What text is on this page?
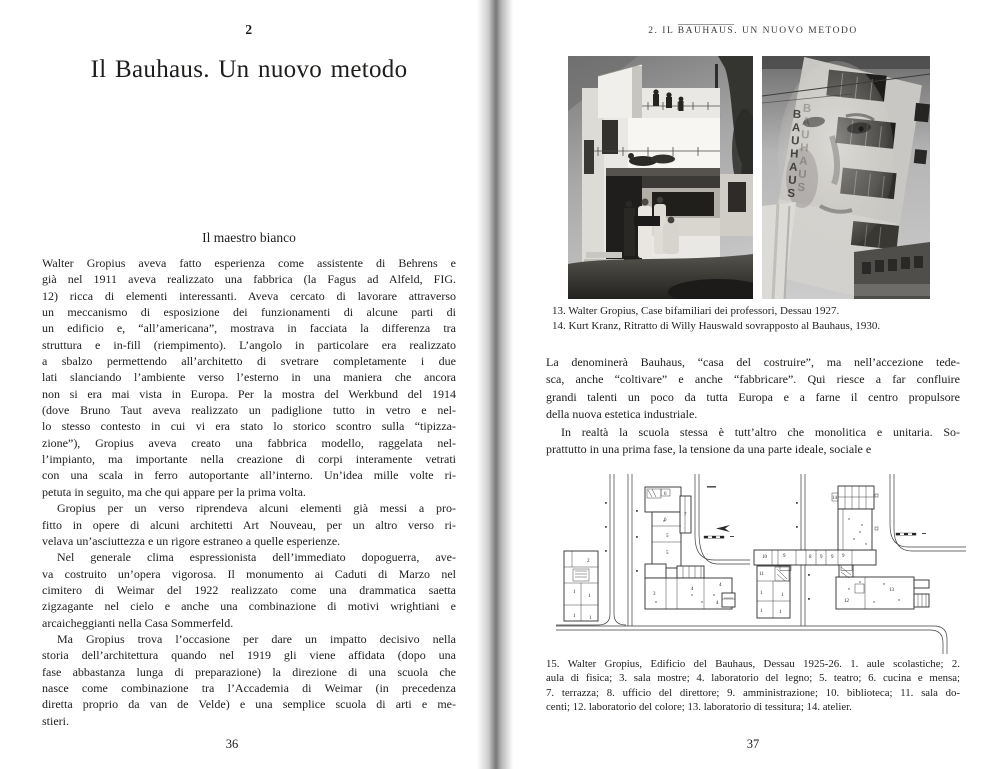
2
Il Bauhaus. Un nuovo metodo
Il maestro bianco
Walter Gropius aveva fatto esperienza come assistente di Behrens e
già nel 1911 aveva realizzato una fabbrica (la Fagus ad Alfeld, FIG.
12) ricca di elementi interessanti. Aveva cercato di lavorare attraverso
un meccanismo di esposizione dei funzionamenti di alcune parti di
un edificio e, “all’americana”, mostrava in facciata la differenza tra
struttura e in-fill (riempimento). L’angolo in particolare era realizzato
a sbalzo permettendo all’architetto di svetrare completamente i due
lati slanciando l’ambiente verso l’esterno in una maniera che ancora
non si era mai vista in Europa. Per la mostra del Werkbund del 1914
(dove Bruno Taut aveva realizzato un padiglione tutto in vetro e nel-
lo stesso contesto in cui vi era stato lo storico scontro sulla “tipizza-
zione”), Gropius aveva creato una fabbrica modello, raggelata nel-
l’impianto, ma importante nella creazione di corpi interamente vetrati
con una scala in ferro autoportante all’interno. Un’idea mille volte ri-
petuta in seguito, ma che qui appare per la prima volta.
Gropius per un verso riprendeva alcuni elementi già messi a pro-
fitto in opere di alcuni architetti Art Nouveau, per un altro verso ri-
velava un’asciuttezza e un rigore estraneo a quelle esperienze.
Nel generale clima espressionista dell’immediato dopoguerra, ave-
va costruito un’opera vigorosa. Il monumento ai Caduti di Marzo nel
cimitero di Weimar del 1922 realizzato come una drammatica saetta
zigzagante nel cielo e anche una combinazione di motivi wrightiani e
arcaicheggianti nella Casa Sommerfeld.
Ma Gropius trova l’occasione per dare un impatto decisivo nella
storia dell’architettura quando nel 1919 gli viene affidata (dopo una
fase abbastanza lunga di preparazione) la direzione di una scuola che
nasce come combinazione tra l’Accademia di Weimar (in precedenza
diretta proprio da van de Velde) e una semplice scuola di arti e me-
stieri.
36
2. IL BAUHAUS. UN NUOVO METODO
B
A
U
H
A
U
S
13. Walter Gropius, Case bifamiliari dei professori, Dessau 1927.
14. Kurt Kranz, Ritratto di Willy Hauswald sovrapposto al Bauhaus, 1930.
La denominerà Bauhaus, “casa del costruire”, ma nell’accezione tede-
sca, anche “coltivare” e anche “fabbricare”. Qui riesce a far confluire
grandi talenti un poco da tutta Europa e a farne il centro propulsore
della nuova estetica industriale.
In realtà la scuola stessa è tutt’altro che monolitica e unitaria. So-
prattutto in una prima fase, la tensione da una parte ideale, sociale e
2
1
1
1	1
6
6
5
5
7
3
4
4
4
14
10	9	8 9 9 9
11
1	1
1	1
12
13
15. Walter Gropius, Edificio del Bauhaus, Dessau 1925-26. 1. aule scolastiche; 2.
aula di fisica; 3. sala mostre; 4. laboratorio del legno; 5. teatro; 6. cucina e mensa;
7. terrazza; 8. ufficio del direttore; 9. amministrazione; 10. biblioteca; 11. sala do-
centi; 12. laboratorio del colore; 13. laboratorio di tessitura; 14. atelier.
37
